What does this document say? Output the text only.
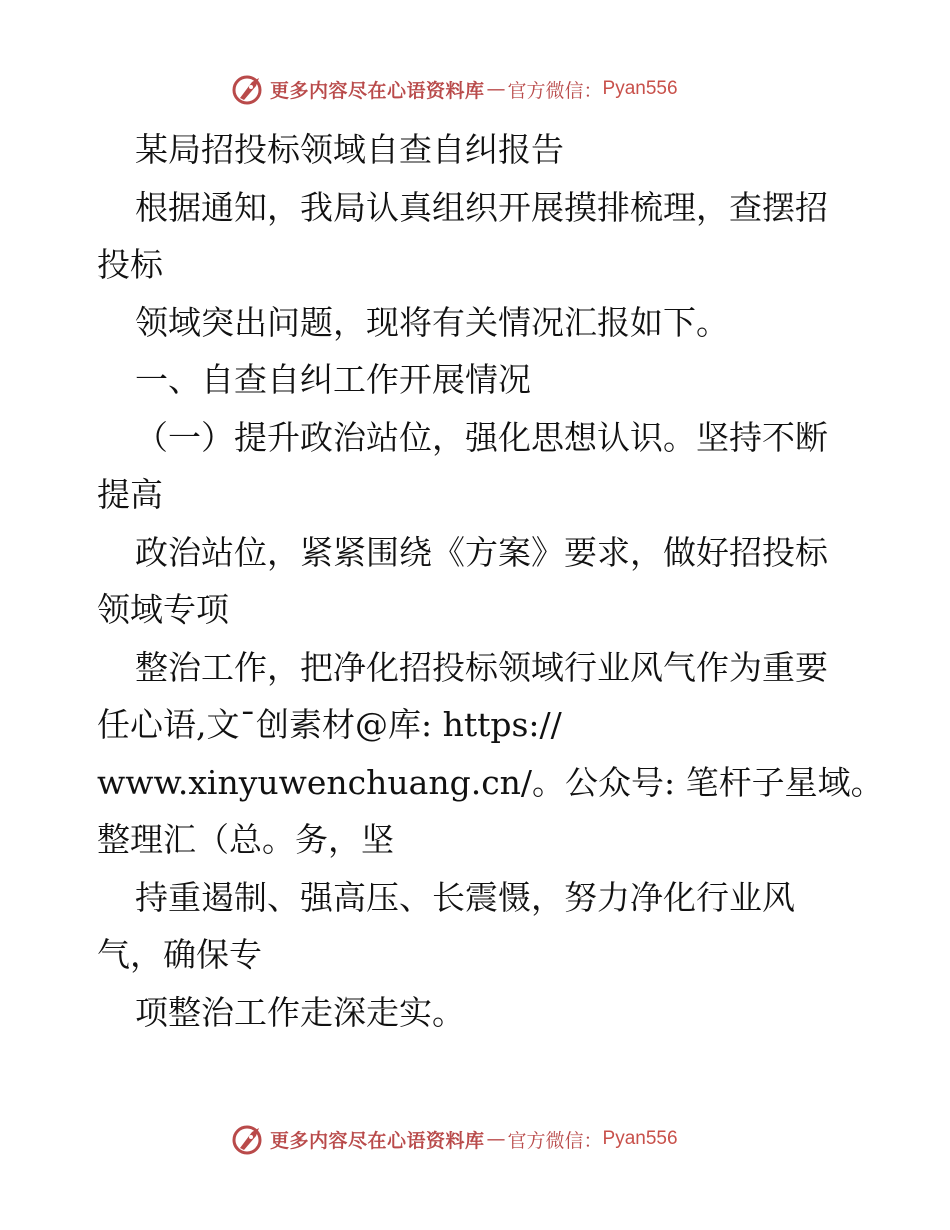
更多内容尽在心语资料库 — 官方微信： Pyan556
某局招投标领域自查自纠报告
根据通知，我局认真组织开展摸排梳理，查摆招
投标
领域突出问题，现将有关情况汇报如下。
一、自查自纠工作开展情况
（一）提升政治站位，强化思想认识。坚持不断
提高
政治站位，紧紧围绕《方案》要求，做好招投标
领域专项
整治工作，把净化招投标领域行业风气作为重要
任心语,文¯创素材@库: https://
www.xinyuwenchuang.cn/。公众号: 笔杆子星域。
整理汇（总。务，坚
持重遏制、强高压、长震慑，努力净化行业风
气，确保专
项整治工作走深走实。
更多内容尽在心语资料库 — 官方微信： Pyan556
